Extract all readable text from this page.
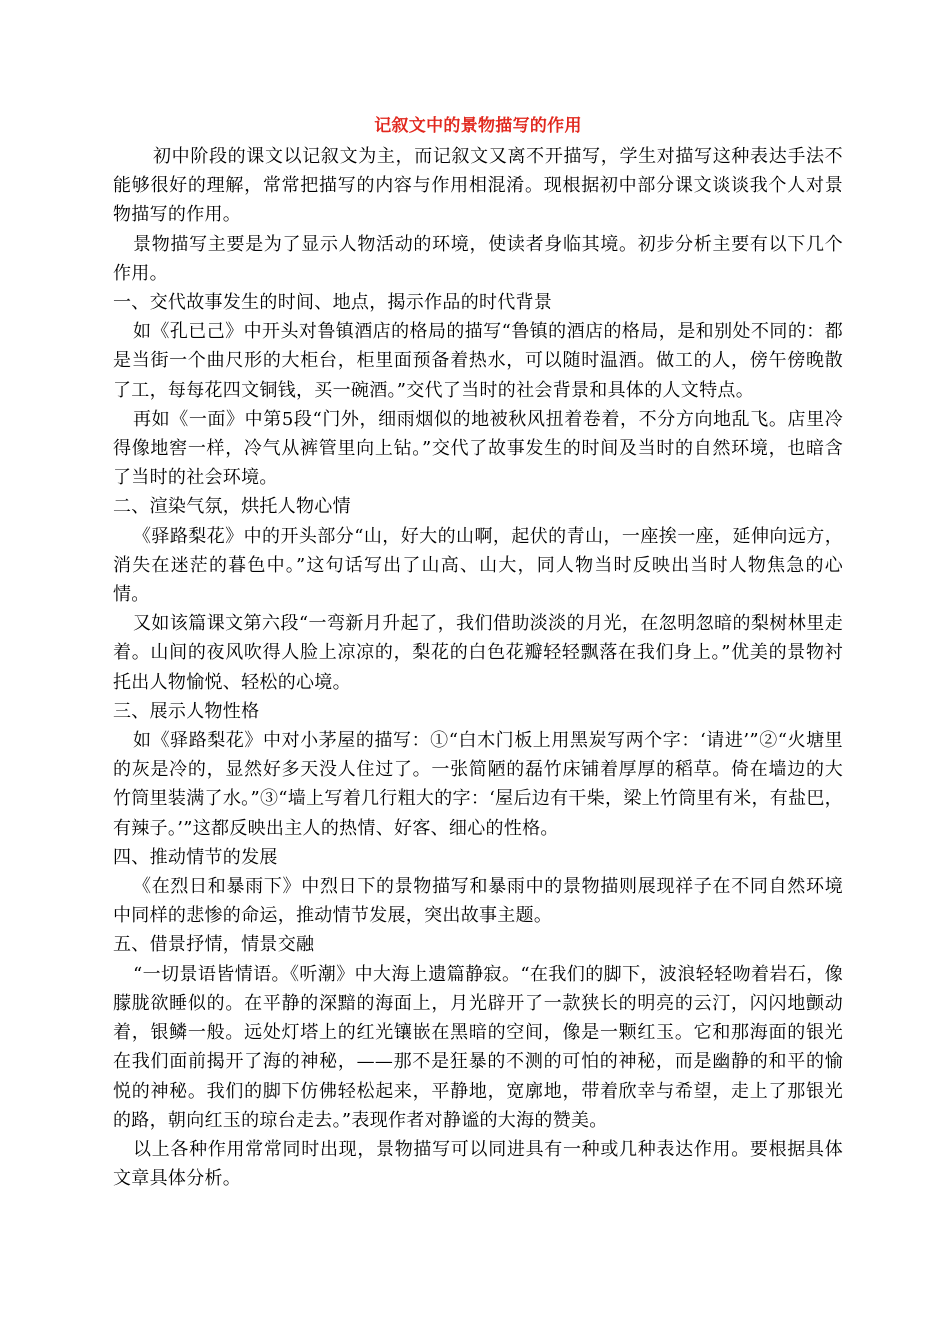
记叙文中的景物描写的作用

初中阶段的课文以记叙文为主，而记叙文又离不开描写，学生对描写这种表达手法不能够很好的理解，常常把描写的内容与作用相混淆。现根据初中部分课文谈谈我个人对景物描写的作用。

景物描写主要是为了显示人物活动的环境，使读者身临其境。初步分析主要有以下几个作用。

一、交代故事发生的时间、地点，揭示作品的时代背景

如《孔已己》中开头对鲁镇酒店的格局的描写“鲁镇的酒店的格局，是和别处不同的：都是当街一个曲尺形的大柜台，柜里面预备着热水，可以随时温酒。做工的人，傍午傍晚散了工，每每花四文铜钱，买一碗酒。”交代了当时的社会背景和具体的人文特点。

再如《一面》中第5段“门外，细雨烟似的地被秋风扭着卷着，不分方向地乱飞。店里冷得像地窖一样，冷气从裤管里向上钻。”交代了故事发生的时间及当时的自然环境，也暗含了当时的社会环境。

二、渲染气氛，烘托人物心情

《驿路梨花》中的开头部分“山，好大的山啊，起伏的青山，一座挨一座，延伸向远方，消失在迷茫的暮色中。”这句话写出了山高、山大，同人物当时反映出当时人物焦急的心情。

又如该篇课文第六段“一弯新月升起了，我们借助淡淡的月光，在忽明忽暗的梨树林里走着。山间的夜风吹得人脸上凉凉的，梨花的白色花瓣轻轻飘落在我们身上。”优美的景物衬托出人物愉悦、轻松的心境。

三、展示人物性格

如《驿路梨花》中对小茅屋的描写：①“白木门板上用黑炭写两个字：‘请进’”②“火塘里的灰是冷的，显然好多天没人住过了。一张简陋的磊竹床铺着厚厚的稻草。倚在墙边的大竹筒里装满了水。”③“墙上写着几行粗大的字：‘屋后边有干柴，梁上竹筒里有米，有盐巴，有辣子。’”这都反映出主人的热情、好客、细心的性格。

四、推动情节的发展

《在烈日和暴雨下》中烈日下的景物描写和暴雨中的景物描则展现祥子在不同自然环境中同样的悲惨的命运，推动情节发展，突出故事主题。

五、借景抒情，情景交融

“一切景语皆情语。《听潮》中大海上遗篇静寂。“在我们的脚下，波浪轻轻吻着岩石，像朦胧欲睡似的。在平静的深黯的海面上，月光辟开了一款狭长的明亮的云汀，闪闪地颤动着，银鳞一般。远处灯塔上的红光镶嵌在黑暗的空间，像是一颗红玉。它和那海面的银光在我们面前揭开了海的神秘，——那不是狂暴的不测的可怕的神秘，而是幽静的和平的愉悦的神秘。我们的脚下仿佛轻松起来，平静地，宽廓地，带着欣幸与希望，走上了那银光的路，朝向红玉的琼台走去。”表现作者对静谧的大海的赞美。

以上各种作用常常同时出现，景物描写可以同进具有一种或几种表达作用。要根据具体文章具体分析。
